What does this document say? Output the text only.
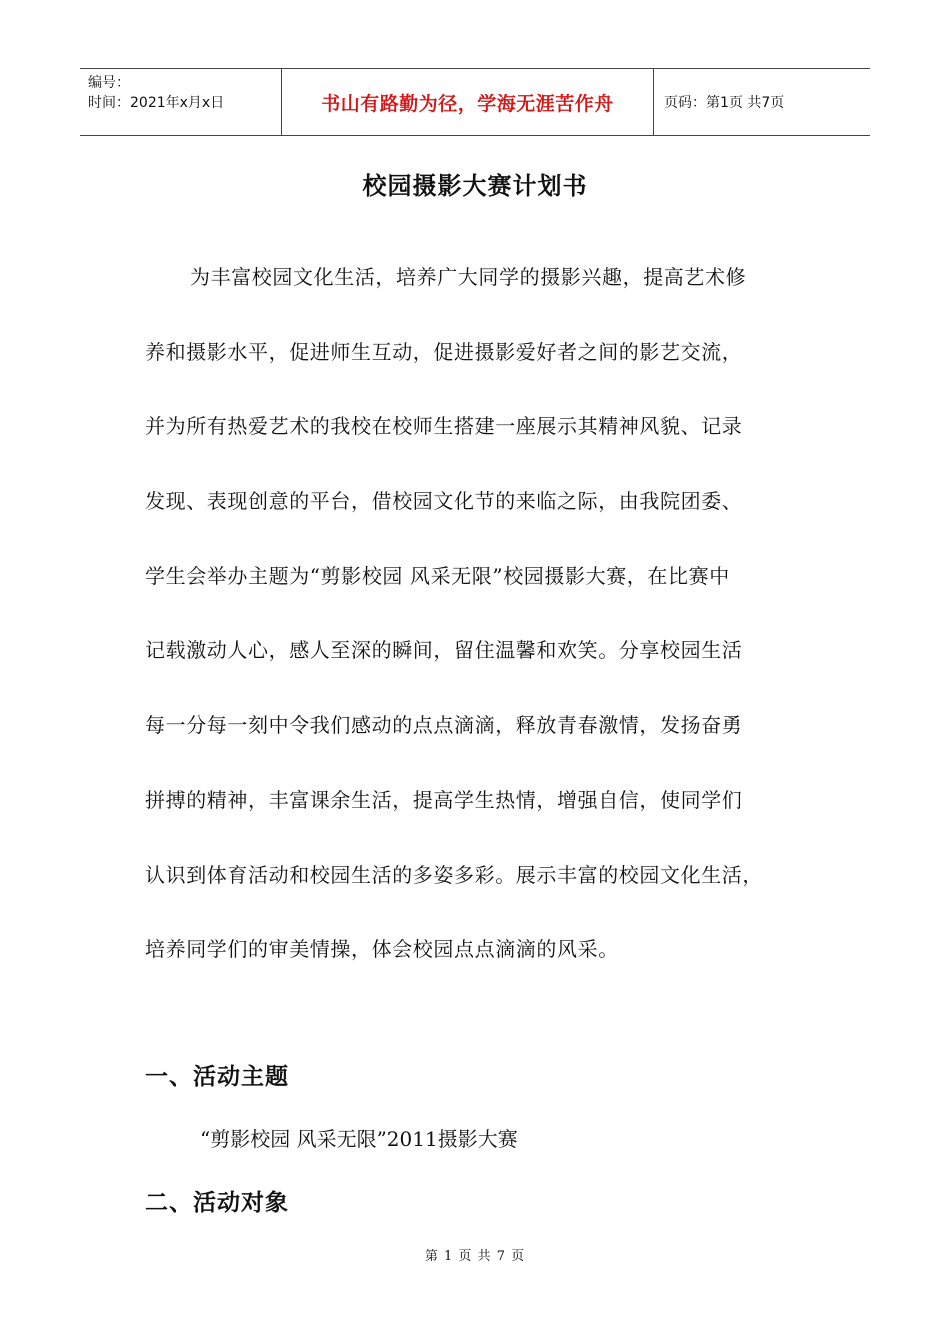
编号：
时间：2021年x月x日	书山有路勤为径，学海无涯苦作舟	页码：第1页 共7页
校园摄影大赛计划书
为丰富校园文化生活，培养广大同学的摄影兴趣，提高艺术修
养和摄影水平，促进师生互动，促进摄影爱好者之间的影艺交流，
并为所有热爱艺术的我校在校师生搭建一座展示其精神风貌、记录
发现、表现创意的平台，借校园文化节的来临之际，由我院团委、
学生会举办主题为“剪影校园 风采无限”校园摄影大赛，在比赛中
记载激动人心，感人至深的瞬间，留住温馨和欢笑。分享校园生活
每一分每一刻中令我们感动的点点滴滴，释放青春激情，发扬奋勇
拼搏的精神，丰富课余生活，提高学生热情，增强自信，使同学们
认识到体育活动和校园生活的多姿多彩。展示丰富的校园文化生活，
培养同学们的审美情操，体会校园点点滴滴的风采。
一、活动主题
“剪影校园 风采无限”2011摄影大赛
二、活动对象
第 1 页 共 7 页
